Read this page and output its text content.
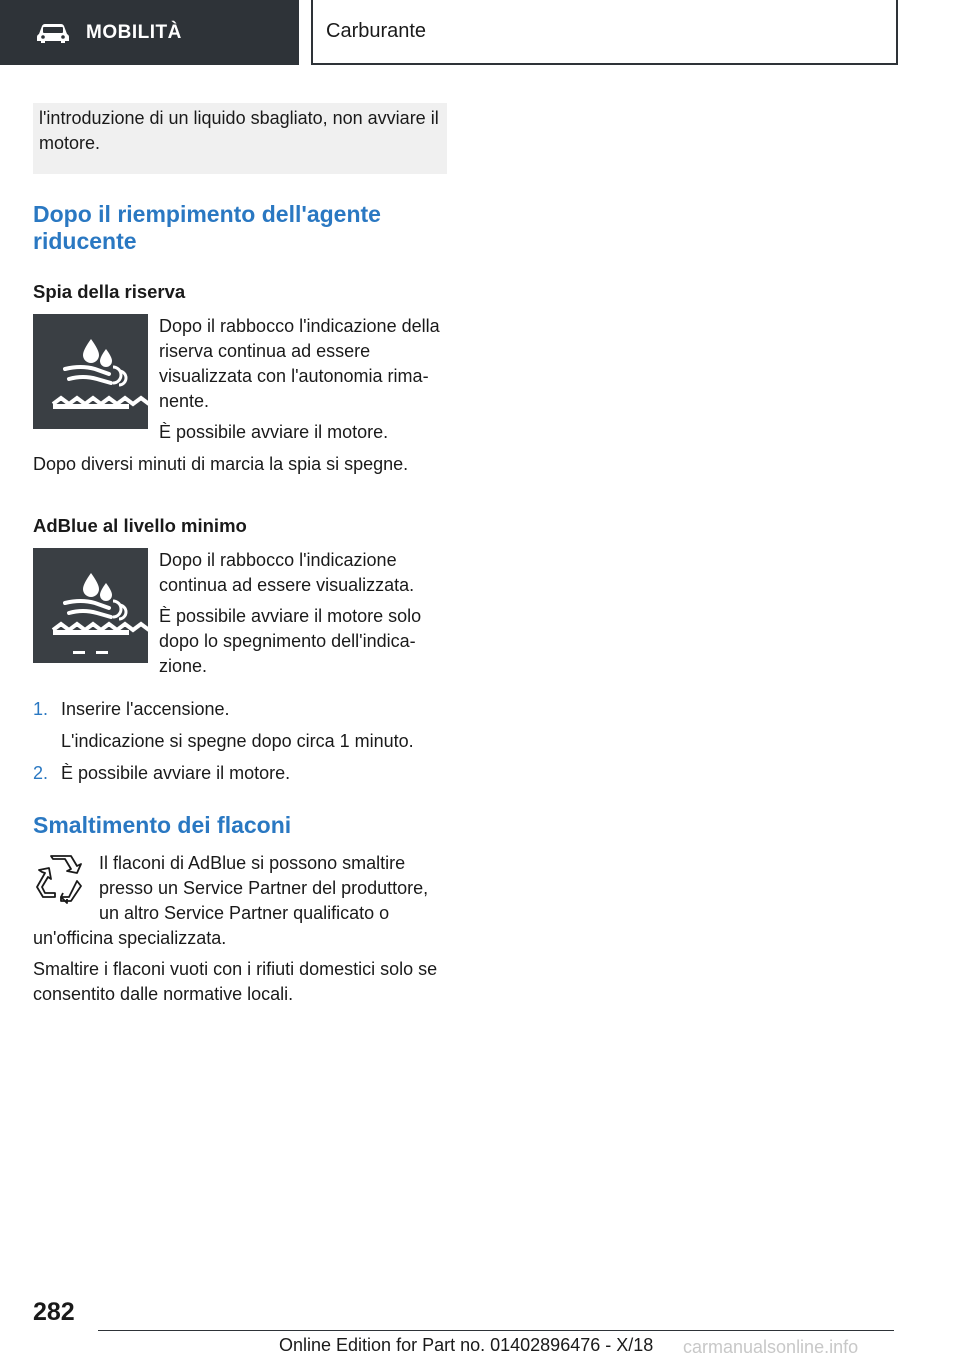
MOBILITÀ	Carburante

l'introduzione di un liquido sbagliato, non avviare il motore.

Dopo il riempimento dell'agente riducente
Spia della riserva

Dopo il rabbocco l'indicazione della riserva continua ad essere visualizzata con l'autonomia rimanente.

È possibile avviare il motore.

Dopo diversi minuti di marcia la spia si spegne.

AdBlue al livello minimo

Dopo il rabbocco l'indicazione continua ad essere visualizzata.

È possibile avviare il motore solo dopo lo spegnimento dell'indicazione.

1. Inserire l'accensione.

L'indicazione si spegne dopo circa 1 minuto.

2. È possibile avviare il motore.

Smaltimento dei flaconi

Il flaconi di AdBlue si possono smaltire presso un Service Partner del produttore, un altro Service Partner qualificato o un'officina specializzata.

Smaltire i flaconi vuoti con i rifiuti domestici solo se consentito dalle normative locali.

282
Online Edition for Part no. 01402896476 - X/18 carmanualsonline.info
